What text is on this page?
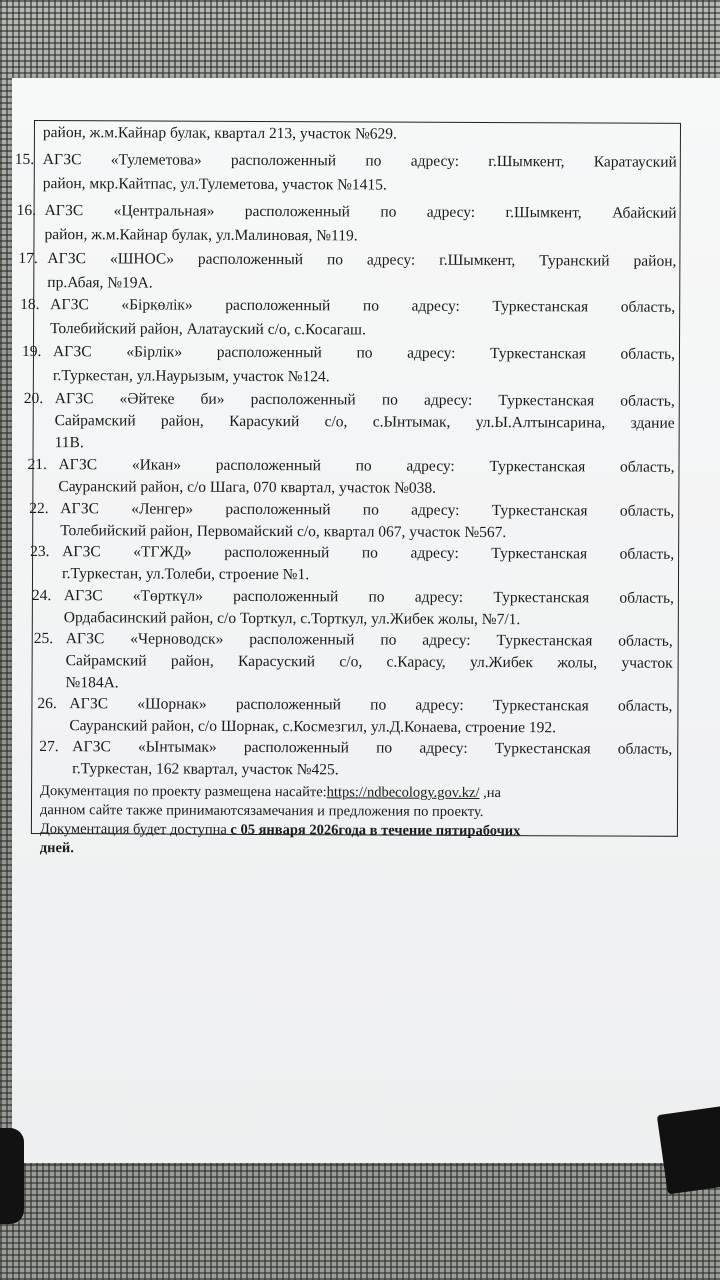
район, ж.м.Кайнар булак, квартал 213, участок №629.
15. АГЗС «Тулеметова» расположенный по адресу: г.Шымкент, Каратауский
район, мкр.Кайтпас, ул.Тулеметова, участок №1415.
16. АГЗС «Центральная» расположенный по адресу: г.Шымкент, Абайский
район, ж.м.Кайнар булак, ул.Малиновая, №119.
17. АГЗС «ШНОС» расположенный по адресу: г.Шымкент, Туранский район,
пр.Абая, №19А.
18. АГЗС «Біркөлік» расположенный по адресу: Туркестанская область,
Толебийский район, Алатауский с/о, с.Косагаш.
19. АГЗС «Бірлік» расположенный по адресу: Туркестанская область,
г.Туркестан, ул.Наурызым, участок №124.
20. АГЗС «Әйтеке би» расположенный по адресу: Туркестанская область,
Сайрамский район, Карасукий с/о, с.Ынтымак, ул.Ы.Алтынсарина, здание
11В.
21. АГЗС «Икан» расположенный по адресу: Туркестанская область,
Сауранский район, с/о Шага, 070 квартал, участок №038.
22. АГЗС «Ленгер» расположенный по адресу: Туркестанская область,
Толебийский район, Первомайский с/о, квартал 067, участок №567.
23. АГЗС «ТГЖД» расположенный по адресу: Туркестанская область,
г.Туркестан, ул.Толеби, строение №1.
24. АГЗС «Төрткүл» расположенный по адресу: Туркестанская область,
Ордабасинский район, с/о Торткул, с.Торткул, ул.Жибек жолы, №7/1.
25. АГЗС «Черноводск» расположенный по адресу: Туркестанская область,
Сайрамский район, Карасуский с/о, с.Карасу, ул.Жибек жолы, участок
№184А.
26. АГЗС «Шорнак» расположенный по адресу: Туркестанская область,
Сауранский район, с/о Шорнак, с.Космезгил, ул.Д.Конаева, строение 192.
27. АГЗС «Ынтымак» расположенный по адресу: Туркестанская область,
г.Туркестан, 162 квартал, участок №425.
Документация по проекту размещена насайте:https://ndbecology.gov.kz/ ,на
данном сайте также принимаютсязамечания и предложения по проекту.
Документация будет доступна с 05 января 2026года в течение пятирабочих
дней.
